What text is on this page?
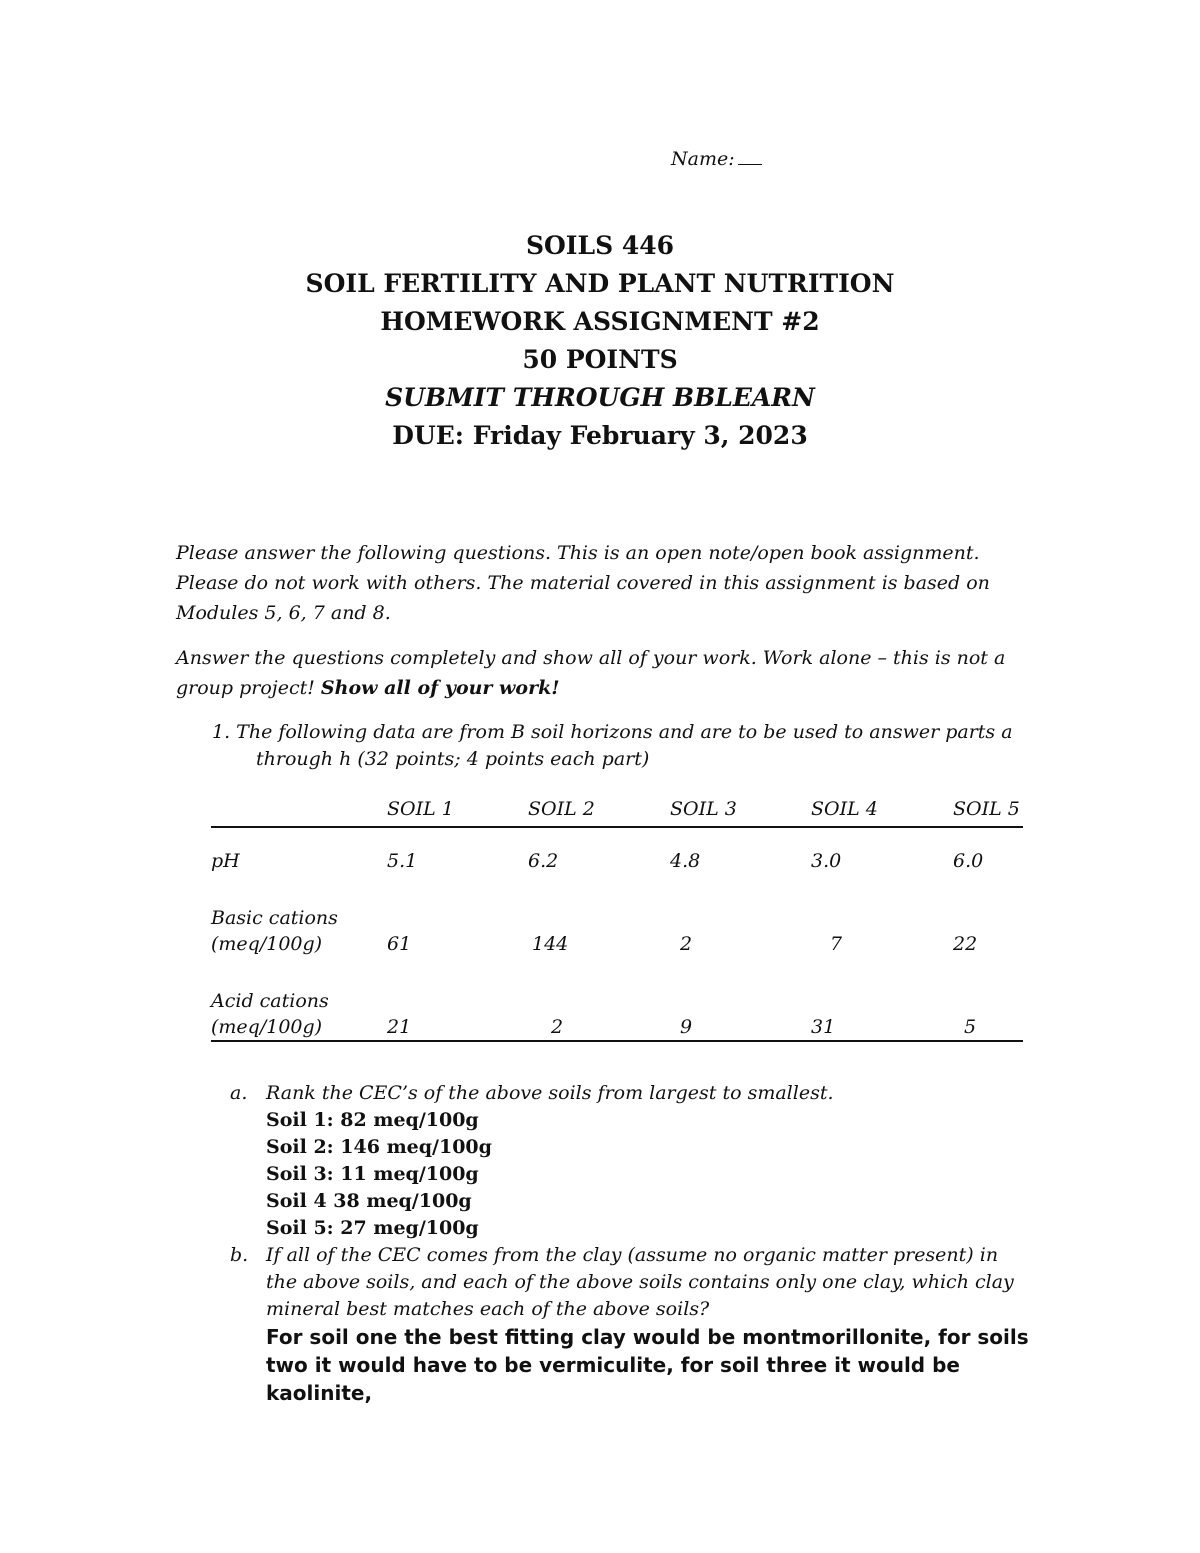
Name:
SOILS 446
SOIL FERTILITY AND PLANT NUTRITION
HOMEWORK ASSIGNMENT #2
50 POINTS
SUBMIT THROUGH BBLEARN
DUE: Friday February 3, 2023
Please answer the following questions. This is an open note/open book assignment.
Please do not work with others. The material covered in this assignment is based on
Modules 5, 6, 7 and 8.
Answer the questions completely and show all of your work. Work alone – this is not a
group project! Show all of your work!
1. The following data are from B soil horizons and are to be used to answer parts a
through h (32 points; 4 points each part)
	SOIL 1	SOIL 2	SOIL 3	SOIL 4	SOIL 5

pH	5.1	6.2	4.8	3.0	6.0

Basic cations
(meq/100g)	61	144	2	7	22

Acid cations
(meq/100g)	21	2	9	31	5
a. Rank the CEC’s of the above soils from largest to smallest.
Soil 1: 82 meq/100g
Soil 2: 146 meq/100g
Soil 3: 11 meq/100g
Soil 4 38 meq/100g
Soil 5: 27 meg/100g
b. If all of the CEC comes from the clay (assume no organic matter present) in
the above soils, and each of the above soils contains only one clay, which clay
mineral best matches each of the above soils?
For soil one the best fitting clay would be montmorillonite, for soils
two it would have to be vermiculite, for soil three it would be kaolinite,
